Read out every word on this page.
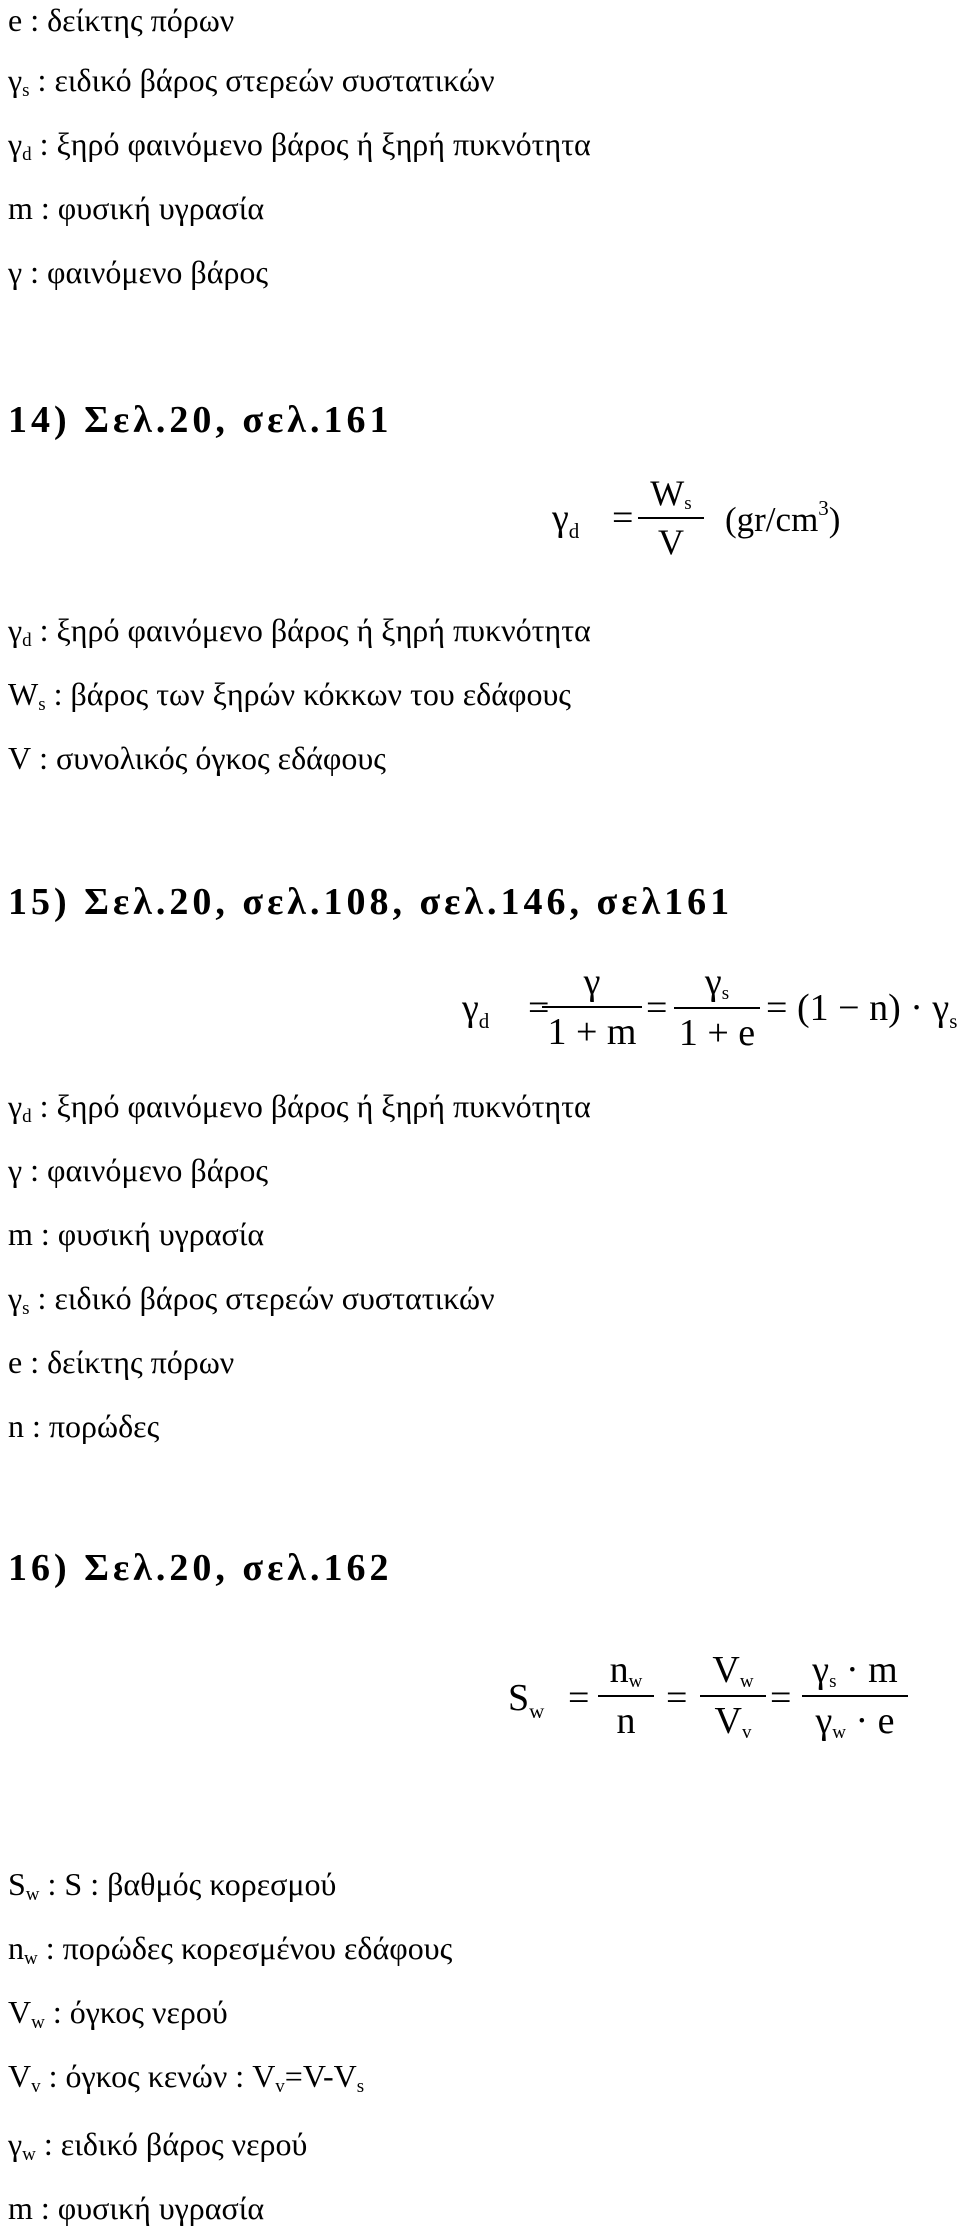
e : δείκτης πόρων
$\gamma_s$ : ειδικό βάρος στερεών συστατικών
$\gamma_d$ : ξηρό φαινόμενο βάρος ή ξηρή πυκνότητα
m : φυσική υγρασία
γ : φαινόμενο βάρος
14) Σελ.20, σελ.161
$\gamma_d$ =
$W_s$
V
$(gr/cm^3)$
$\gamma_d$ : ξηρό φαινόμενο βάρος ή ξηρή πυκνότητα
$W_s$ : βάρος των ξηρών κόκκων του εδάφους
V : συνολικός όγκος εδάφους
15) Σελ.20, σελ.108, σελ.146, σελ161
$\gamma_d$ =
γ
1 + m
=
$\gamma_s$
1 + e
= $(1 - n) \cdot \gamma_s$
$\gamma_d$ : ξηρό φαινόμενο βάρος ή ξηρή πυκνότητα
γ : φαινόμενο βάρος
m : φυσική υγρασία
$\gamma_s$ : ειδικό βάρος στερεών συστατικών
e : δείκτης πόρων
n : πορώδες
16) Σελ.20, σελ.162
$S_w$ =
$n_w$
n
=
$V_w$
$V_v$
=
$\gamma_s \cdot m$
$\gamma_w \cdot e$
$S_w$ : S : βαθμός κορεσμού
$n_w$ : πορώδες κορεσμένου εδάφους
$V_w$ : όγκος νερού
$V_v$ : όγκος κενών : $V_v=V-V_s$
$\gamma_w$ : ειδικό βάρος νερού
m : φυσική υγρασία
